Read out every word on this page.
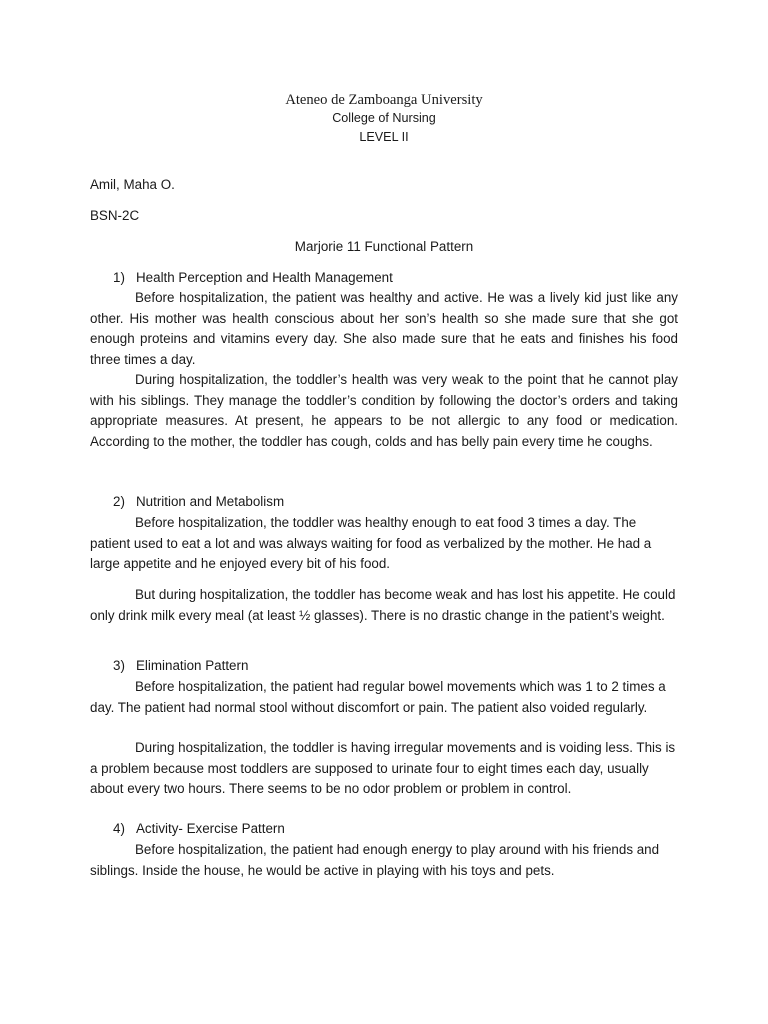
Ateneo de Zamboanga University
College of Nursing
LEVEL II
Amil, Maha O.
BSN-2C
Marjorie 11 Functional Pattern
1) Health Perception and Health Management

Before hospitalization, the patient was healthy and active. He was a lively kid just like any other. His mother was health conscious about her son’s health so she made sure that she got enough proteins and vitamins every day. She also made sure that he eats and finishes his food three times a day.

During hospitalization, the toddler’s health was very weak to the point that he cannot play with his siblings. They manage the toddler’s condition by following the doctor’s orders and taking appropriate measures. At present, he appears to be not allergic to any food or medication. According to the mother, the toddler has cough, colds and has belly pain every time he coughs.

2) Nutrition and Metabolism

Before hospitalization, the toddler was healthy enough to eat food 3 times a day. The patient used to eat a lot and was always waiting for food as verbalized by the mother. He had a large appetite and he enjoyed every bit of his food.

But during hospitalization, the toddler has become weak and has lost his appetite. He could only drink milk every meal (at least ½ glasses). There is no drastic change in the patient’s weight.

3) Elimination Pattern

Before hospitalization, the patient had regular bowel movements which was 1 to 2 times a day. The patient had normal stool without discomfort or pain. The patient also voided regularly.

During hospitalization, the toddler is having irregular movements and is voiding less. This is a problem because most toddlers are supposed to urinate four to eight times each day, usually about every two hours. There seems to be no odor problem or problem in control.

4) Activity- Exercise Pattern

Before hospitalization, the patient had enough energy to play around with his friends and siblings. Inside the house, he would be active in playing with his toys and pets.
